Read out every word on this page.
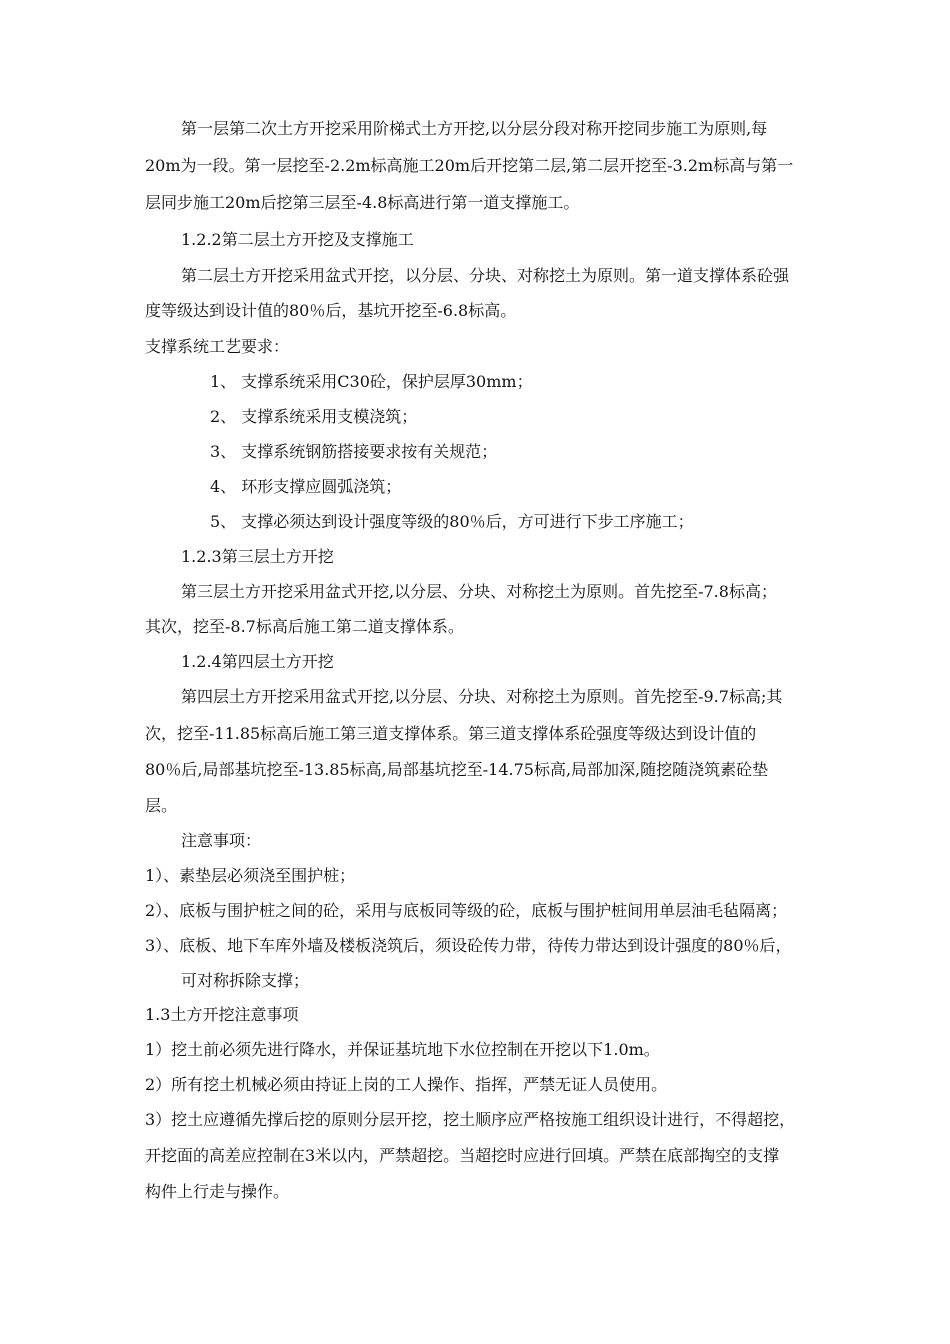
第一层第二次土方开挖采用阶梯式土方开挖,以分层分段对称开挖同步施工为原则,每

20m为一段。第一层挖至-2.2m标高施工20m后开挖第二层,第二层开挖至-3.2m标高与第一

层同步施工20m后挖第三层至-4.8标高进行第一道支撑施工。

1.2.2第二层土方开挖及支撑施工

第二层土方开挖采用盆式开挖，以分层、分块、对称挖土为原则。第一道支撑体系砼强

度等级达到设计值的80％后，基坑开挖至-6.8标高。

支撑系统工艺要求：

1、 支撑系统采用C30砼，保护层厚30mm；

2、 支撑系统采用支模浇筑；

3、 支撑系统钢筋搭接要求按有关规范；

4、 环形支撑应圆弧浇筑；

5、 支撑必须达到设计强度等级的80％后，方可进行下步工序施工；

1.2.3第三层土方开挖

第三层土方开挖采用盆式开挖,以分层、分块、对称挖土为原则。首先挖至-7.8标高；

其次，挖至-8.7标高后施工第二道支撑体系。

1.2.4第四层土方开挖

第四层土方开挖采用盆式开挖,以分层、分块、对称挖土为原则。首先挖至-9.7标高;其

次，挖至-11.85标高后施工第三道支撑体系。第三道支撑体系砼强度等级达到设计值的

80％后,局部基坑挖至-13.85标高,局部基坑挖至-14.75标高,局部加深,随挖随浇筑素砼垫

层。

注意事项：

1）、素垫层必须浇至围护桩；

2）、底板与围护桩之间的砼，采用与底板同等级的砼，底板与围护桩间用单层油毛毡隔离；

3）、底板、地下车库外墙及楼板浇筑后，须设砼传力带，待传力带达到设计强度的80％后，

可对称拆除支撑；

1.3土方开挖注意事项

1）挖土前必须先进行降水，并保证基坑地下水位控制在开挖以下1.0m。

2）所有挖土机械必须由持证上岗的工人操作、指挥，严禁无证人员使用。

3）挖土应遵循先撑后挖的原则分层开挖，挖土顺序应严格按施工组织设计进行，不得超挖，

开挖面的高差应控制在3米以内，严禁超挖。当超挖时应进行回填。严禁在底部掏空的支撑

构件上行走与操作。
